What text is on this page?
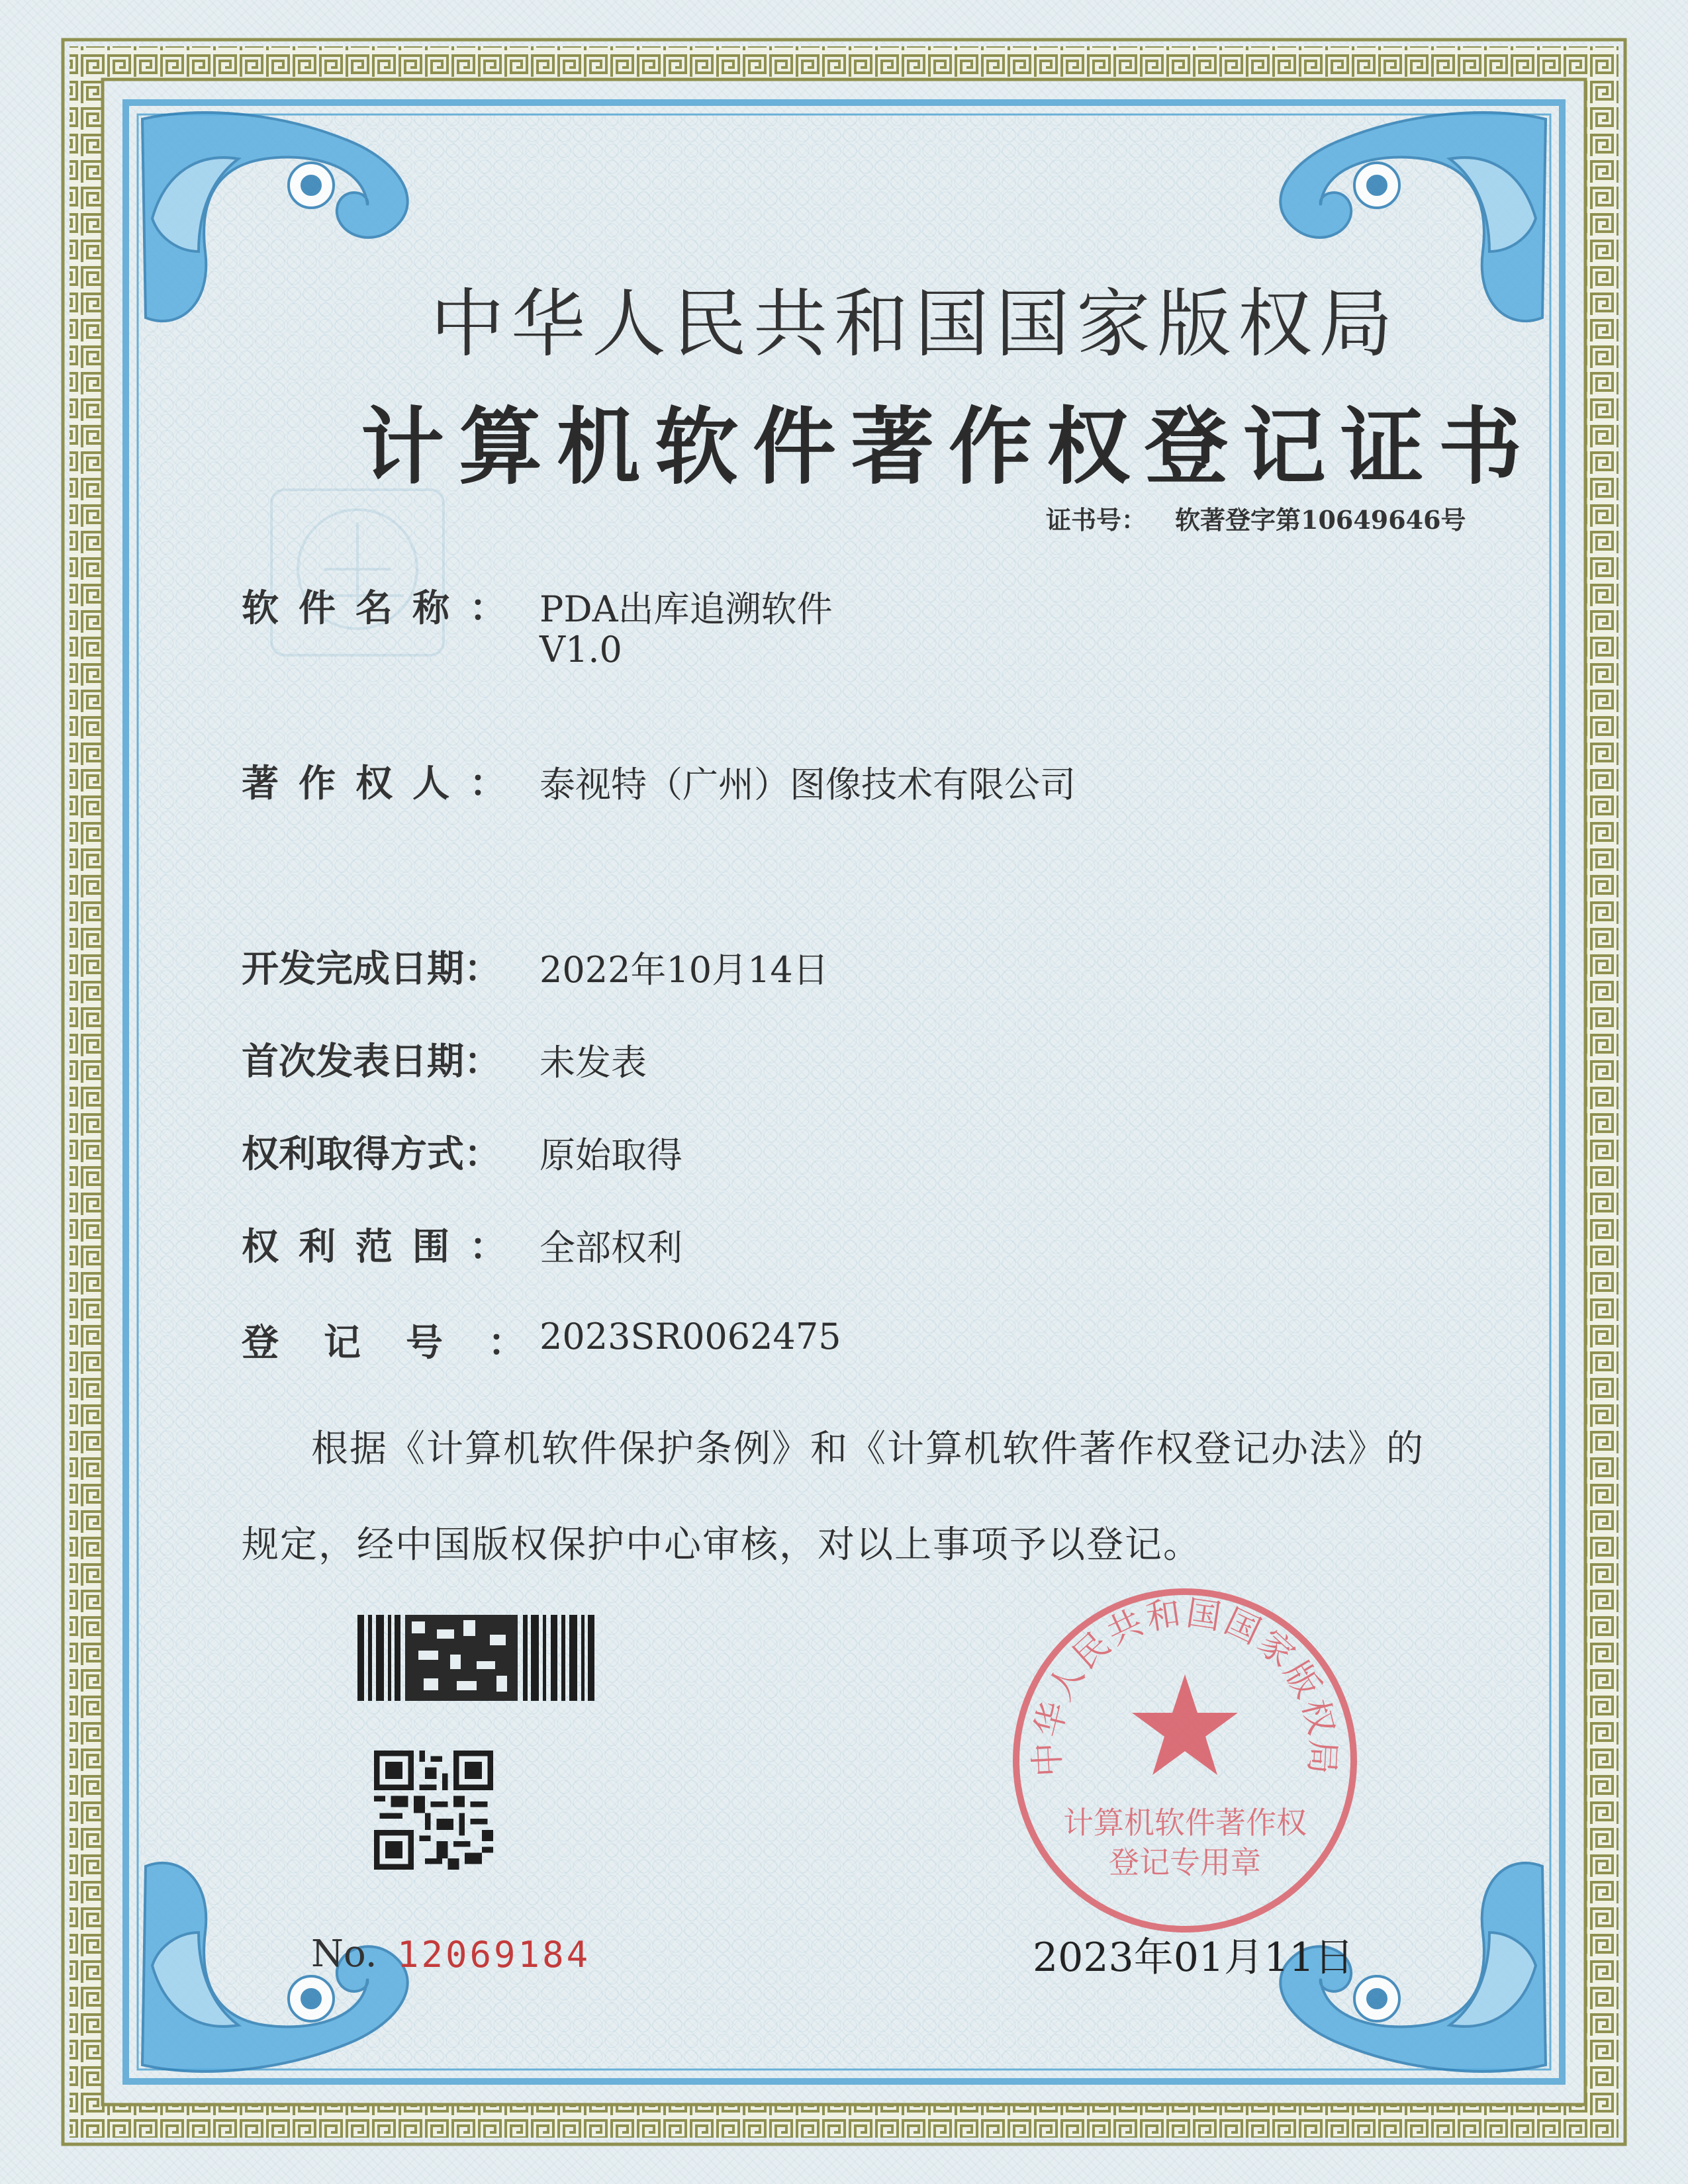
中华人民共和国国家版权局
计算机软件著作权登记证书
证书号： 软著登字第10649646号
软件名称： PDA出库追溯软件
V1.0
著作权人： 泰视特（广州）图像技术有限公司
开发完成日期： 2022年10月14日
首次发表日期： 未发表
权利取得方式： 原始取得
权利范围： 全部权利
登记号：
2023SR0062475
根据《计算机软件保护条例》和《计算机软件著作权登记办法》的
规定，经中国版权保护中心审核，对以上事项予以登记。
No. 12069184
中华人民共和国国家版权局
计算机软件著作权
登记专用章
2023年01月11日
